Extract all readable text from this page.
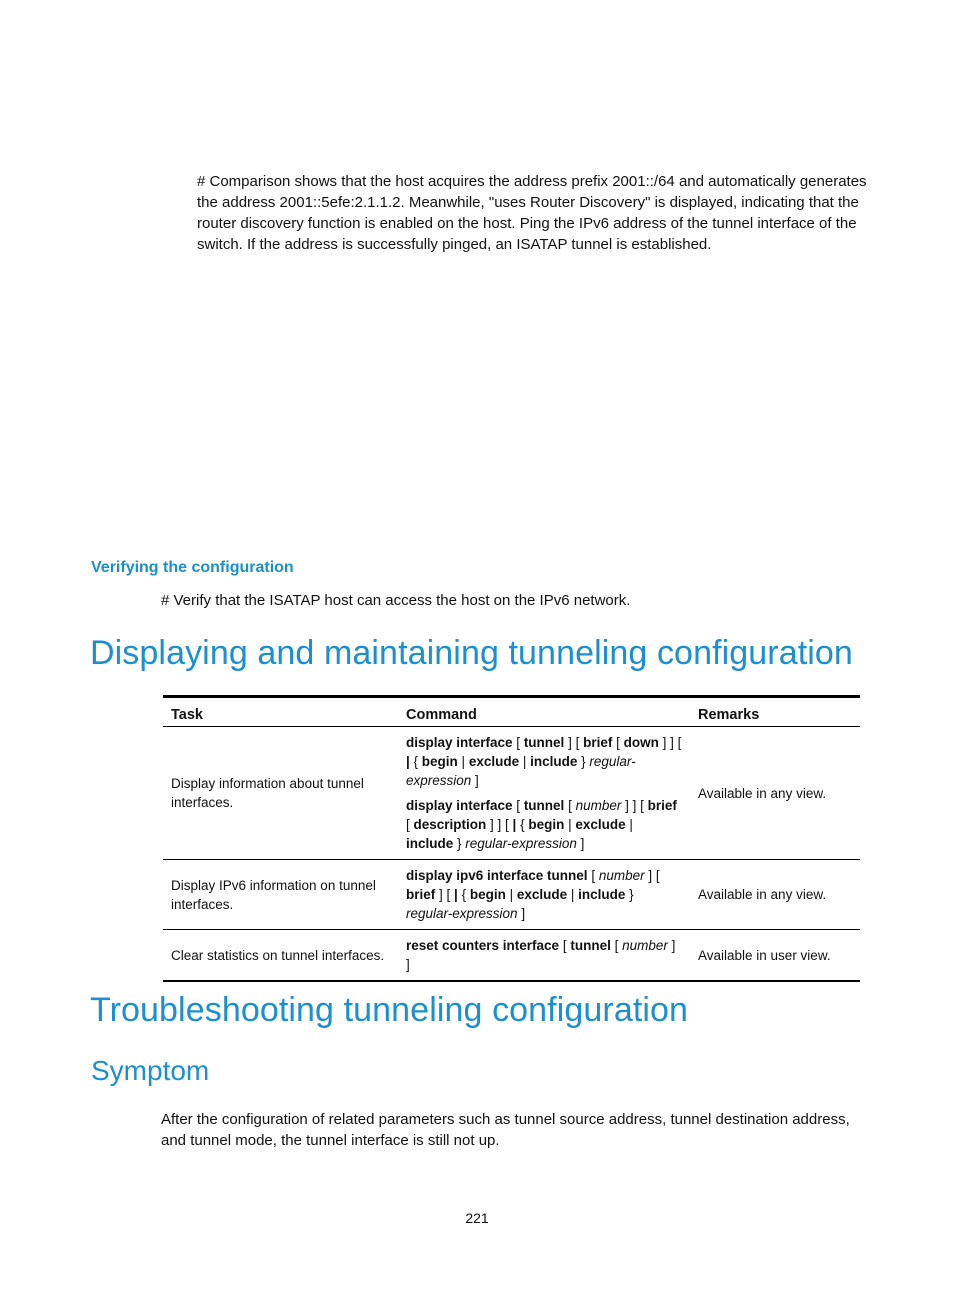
# Comparison shows that the host acquires the address prefix 2001::/64 and automatically generates the address 2001::5efe:2.1.1.2. Meanwhile, "uses Router Discovery" is displayed, indicating that the router discovery function is enabled on the host. Ping the IPv6 address of the tunnel interface of the switch. If the address is successfully pinged, an ISATAP tunnel is established.

Verifying the configuration

# Verify that the ISATAP host can access the host on the IPv6 network.

Displaying and maintaining tunneling configuration
Task	Command	Remarks
Display information about tunnel interfaces.	display interface [ tunnel ] [ brief [ down ] ] [ | { begin | exclude | include } regular-expression ]

display interface [ tunnel [ number ] ] [ brief [ description ] ] [ | { begin | exclude | include } regular-expression ]	Available in any view.
Display IPv6 information on tunnel interfaces.	display ipv6 interface tunnel [ number ] [ brief ] [ | { begin | exclude | include } regular-expression ]	Available in any view.
Clear statistics on tunnel interfaces.	reset counters interface [ tunnel [ number ] ]	Available in user view.
Troubleshooting tunneling configuration
Symptom

After the configuration of related parameters such as tunnel source address, tunnel destination address, and tunnel mode, the tunnel interface is still not up.

221
